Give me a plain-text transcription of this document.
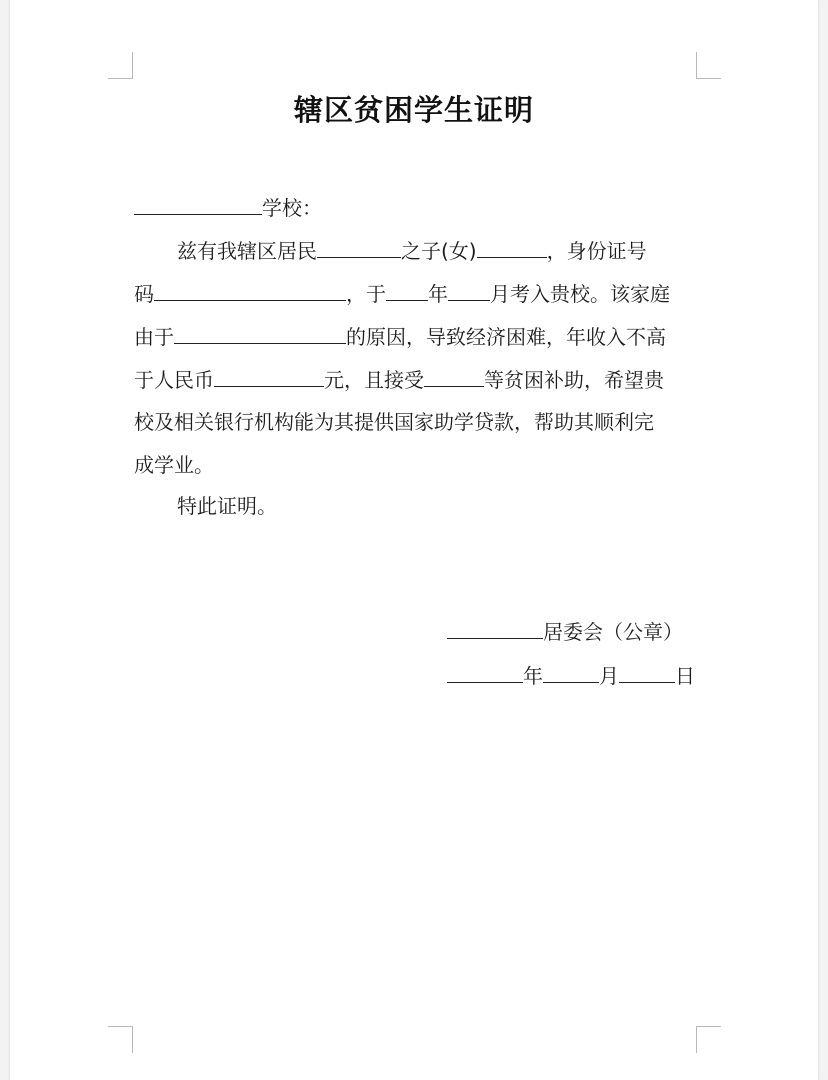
辖区贫困学生证明
学校：
兹有我辖区居民	之子(女)	，身份证号
码	，于 年 月考入贵校。该家庭
由于	的原因，导致经济困难，年收入不高
于人民币	元，且接受	等贫困补助，希望贵
校及相关银行机构能为其提供国家助学贷款，帮助其顺利完
成学业。
特此证明。
居委会（公章）
年	月	日
